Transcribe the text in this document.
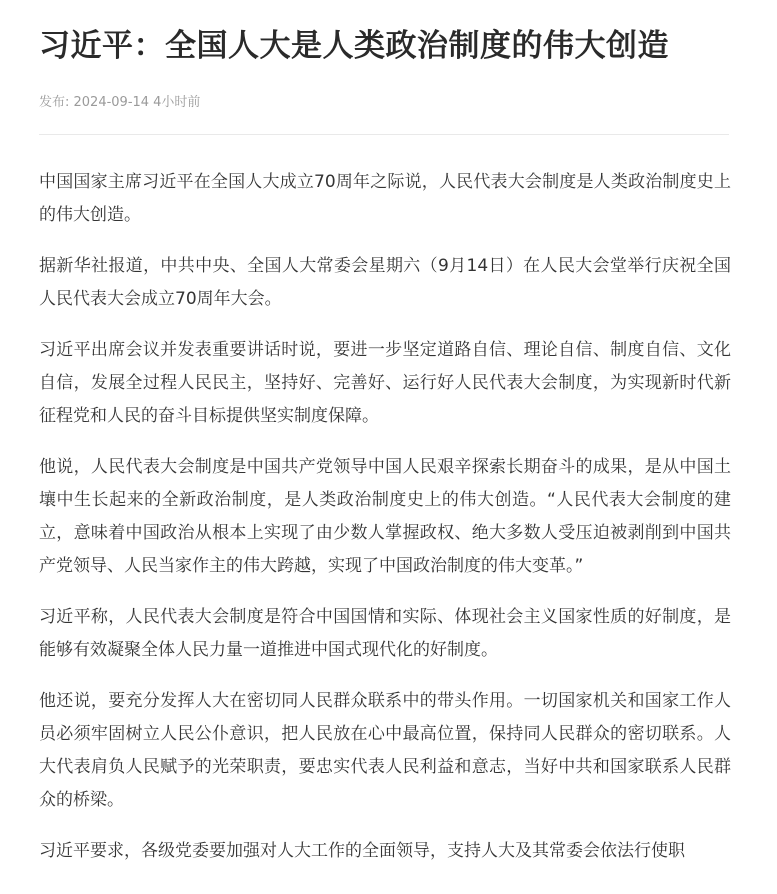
习近平：全国人大是人类政治制度的伟大创造
发布: 2024-09-14 4小时前

中国国家主席习近平在全国人大成立70周年之际说，人民代表大会制度是人类政治制度史上的伟大创造。

据新华社报道，中共中央、全国人大常委会星期六（9月14日）在人民大会堂举行庆祝全国人民代表大会成立70周年大会。

习近平出席会议并发表重要讲话时说，要进一步坚定道路自信、理论自信、制度自信、文化自信，发展全过程人民民主，坚持好、完善好、运行好人民代表大会制度，为实现新时代新征程党和人民的奋斗目标提供坚实制度保障。

他说，人民代表大会制度是中国共产党领导中国人民艰辛探索长期奋斗的成果，是从中国土壤中生长起来的全新政治制度，是人类政治制度史上的伟大创造。“人民代表大会制度的建立，意味着中国政治从根本上实现了由少数人掌握政权、绝大多数人受压迫被剥削到中国共产党领导、人民当家作主的伟大跨越，实现了中国政治制度的伟大变革。”

习近平称，人民代表大会制度是符合中国国情和实际、体现社会主义国家性质的好制度，是能够有效凝聚全体人民力量一道推进中国式现代化的好制度。

他还说，要充分发挥人大在密切同人民群众联系中的带头作用。一切国家机关和国家工作人员必须牢固树立人民公仆意识，把人民放在心中最高位置，保持同人民群众的密切联系。人大代表肩负人民赋予的光荣职责，要忠实代表人民利益和意志，当好中共和国家联系人民群众的桥梁。

习近平要求，各级党委要加强对人大工作的全面领导，支持人大及其常委会依法行使职
